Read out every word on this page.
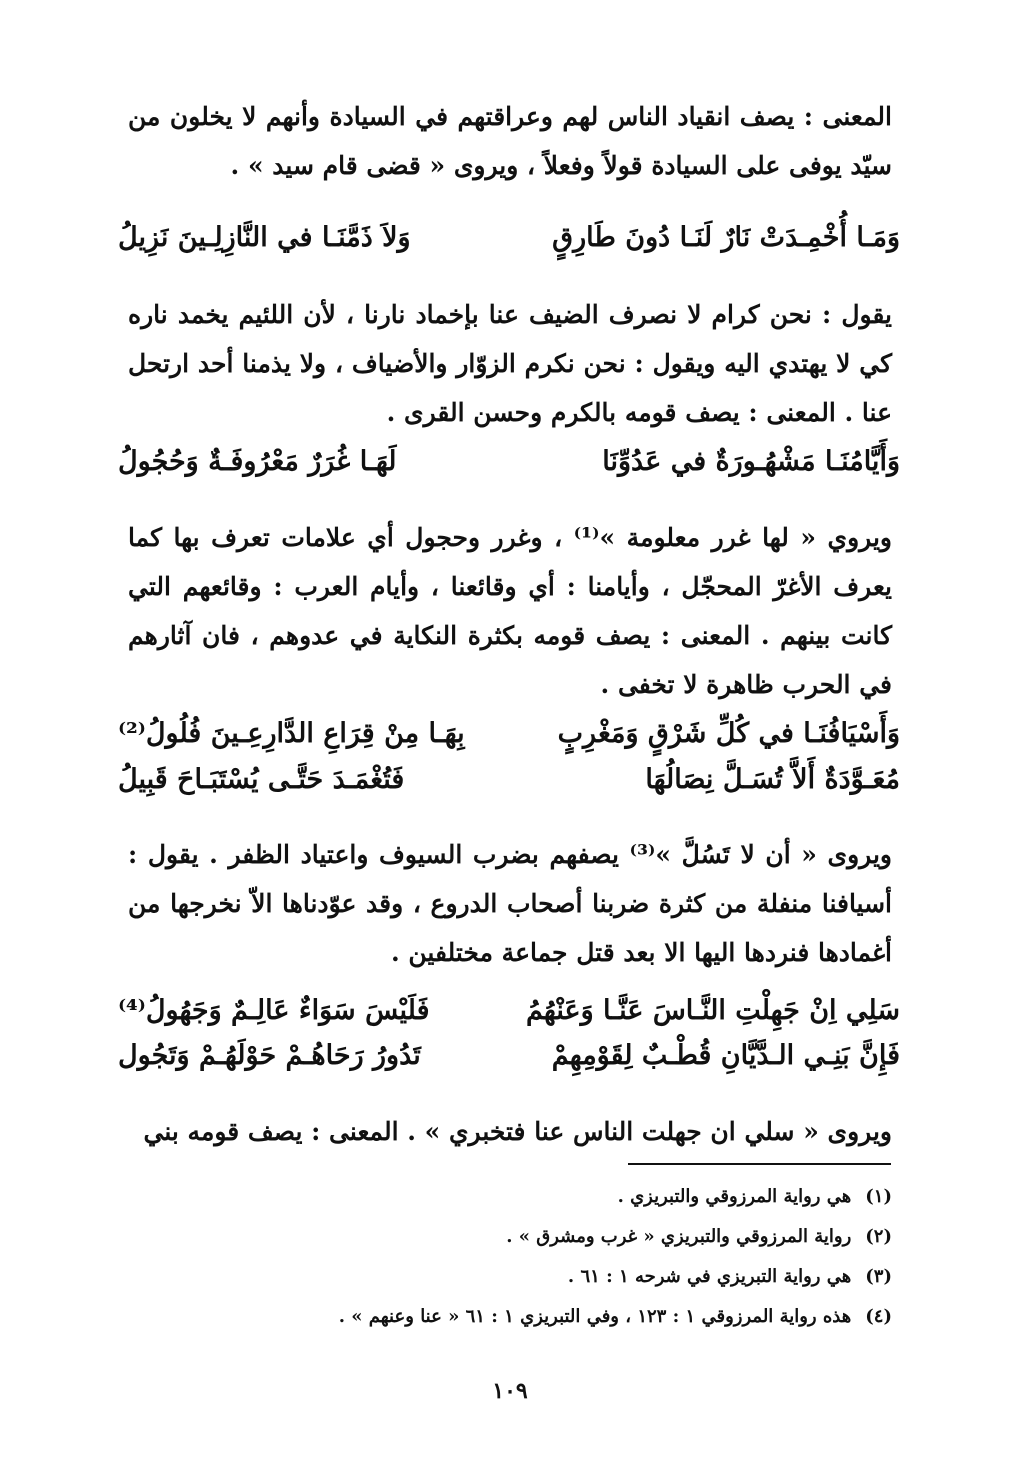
المعنى : يصف انقياد الناس لهم وعراقتهم في السيادة وأنهم لا يخلون من سيّد يوفى على السيادة قولاً وفعلاً ، ويروى « قضى قام سيد » .

وَمَـا أُخْمِـدَتْ نَارٌ لَنَـا دُونَ طَارِقٍ
وَلاَ ذَمَّنَـا في النَّازِلِـينَ نَزِيلُ

يقول : نحن كرام لا نصرف الضيف عنا بإخماد نارنا ، لأن اللئيم يخمد ناره كي لا يهتدي اليه ويقول : نحن نكرم الزوّار والأضياف ، ولا يذمنا أحد ارتحل عنا . المعنى : يصف قومه بالكرم وحسن القرى .

وَأَيَّامُنَـا مَشْهُـورَةٌ في عَدُوِّنَا
لَهَـا غُرَرٌ مَعْرُوفَـةٌ وَحُجُولُ

ويروي « لها غرر معلومة »⁽¹⁾ ، وغرر وحجول أي علامات تعرف بها كما يعرف الأغرّ المحجّل ، وأيامنا : أي وقائعنا ، وأيام العرب : وقائعهم التي كانت بينهم . المعنى : يصف قومه بكثرة النكاية في عدوهم ، فان آثارهم في الحرب ظاهرة لا تخفى .

وَأَسْيَافُنَـا في كُلِّ شَرْقٍ وَمَغْرِبٍ
بِهَـا مِنْ قِرَاعِ الدَّارِعِـينَ فُلُولُ⁽²⁾
مُعَـوَّدَةٌ أَلاَّ تُسَـلَّ نِصَالُهَا
فَتُغْمَـدَ حَتَّـى يُسْتَبَـاحَ قَبِيلُ

ويروى « أن لا تَسُلَّ »⁽³⁾ يصفهم بضرب السيوف واعتياد الظفر . يقول : أسيافنا منفلة من كثرة ضربنا أصحاب الدروع ، وقد عوّدناها الاّ نخرجها من أغمادها فنردها اليها الا بعد قتل جماعة مختلفين .

سَلِي اِنْ جَهِلْتِ النَّـاسَ عَنَّـا وَعَنْهُمُ
فَلَيْسَ سَوَاءٌ عَالِـمٌ وَجَهُولُ⁽⁴⁾
فَإِنَّ بَنِـي الـدَّيَّانِ قُطْـبٌ لِقَوْمِهِمْ
تَدُورُ رَحَاهُـمْ حَوْلَهُـمْ وَتَجُول

ويروى « سلي ان جهلت الناس عنا فتخبري » . المعنى : يصف قومه بني

(١)هي رواية المرزوقي والتبريزي .
(٢)رواية المرزوقي والتبريزي « غرب ومشرق » .
(٣)هي رواية التبريزي في شرحه ١ : ٦١ .
(٤)هذه رواية المرزوقي ١ : ١٢٣ ، وفي التبريزي ١ : ٦١ « عنا وعنهم » .
١٠٩
